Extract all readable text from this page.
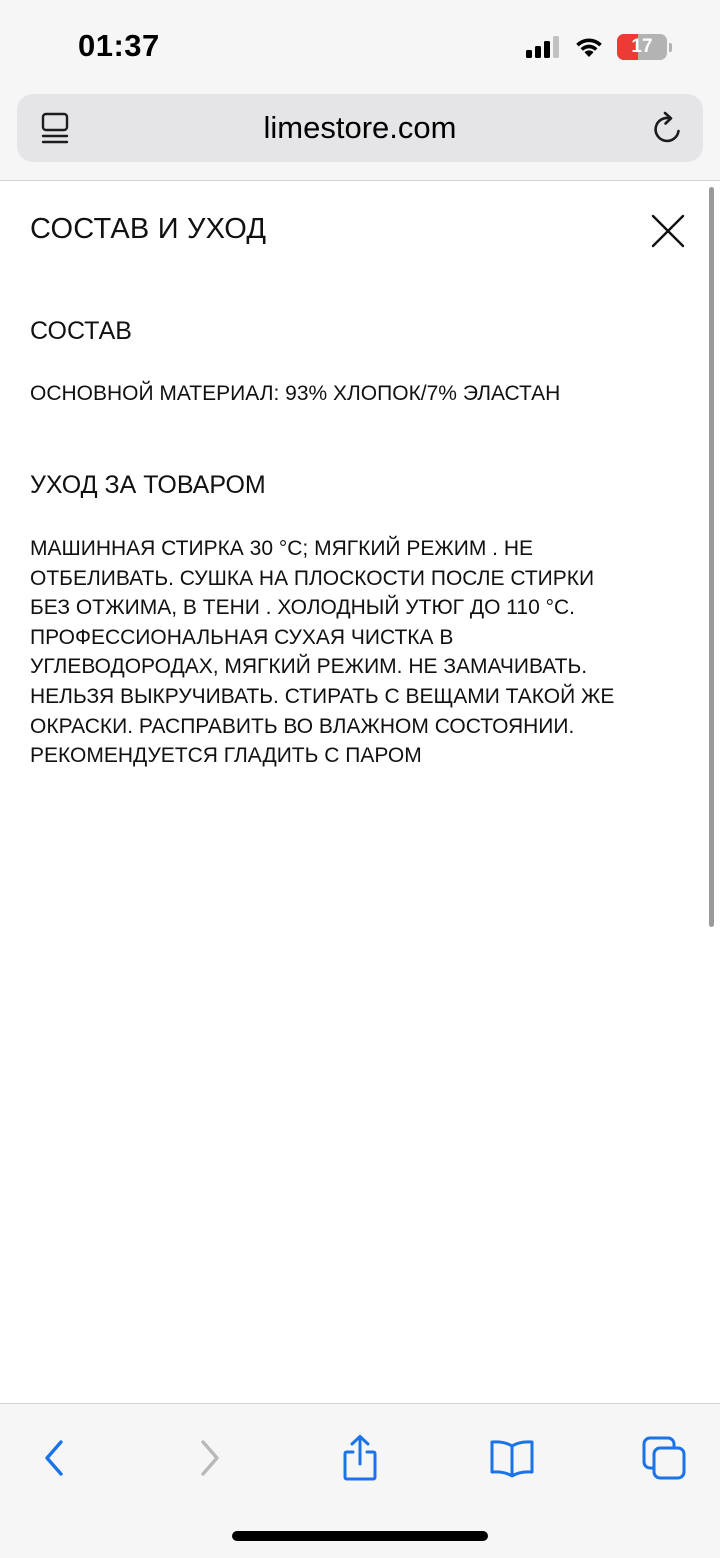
01:37	17
limestore.com
СОСТАВ И УХОД
СОСТАВ
ОСНОВНОЙ МАТЕРИАЛ: 93% ХЛОПОК/7% ЭЛАСТАН
УХОД ЗА ТОВАРОМ
МАШИННАЯ СТИРКА 30 °C; МЯГКИЙ РЕЖИМ . НЕ
ОТБЕЛИВАТЬ. СУШКА НА ПЛОСКОСТИ ПОСЛЕ СТИРКИ
БЕЗ ОТЖИМА, В ТЕНИ . ХОЛОДНЫЙ УТЮГ ДО 110 °C.
ПРОФЕССИОНАЛЬНАЯ СУХАЯ ЧИСТКА В
УГЛЕВОДОРОДАХ, МЯГКИЙ РЕЖИМ. НЕ ЗАМАЧИВАТЬ.
НЕЛЬЗЯ ВЫКРУЧИВАТЬ. СТИРАТЬ С ВЕЩАМИ ТАКОЙ ЖЕ
ОКРАСКИ. РАСПРАВИТЬ ВО ВЛАЖНОМ СОСТОЯНИИ.
РЕКОМЕНДУЕТСЯ ГЛАДИТЬ С ПАРОМ
